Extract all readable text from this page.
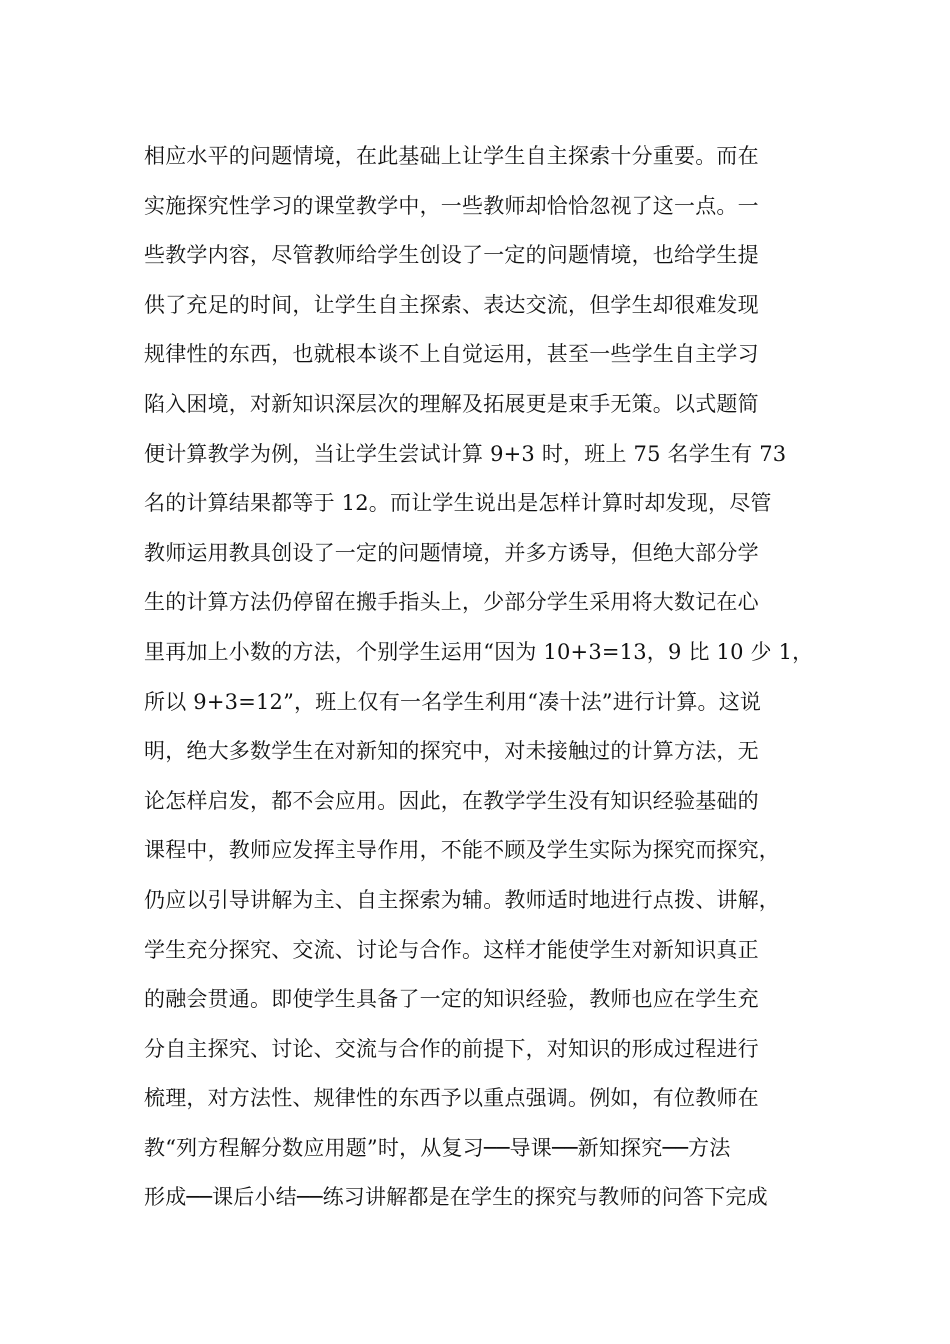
相应水平的问题情境，在此基础上让学生自主探索十分重要。而在
实施探究性学习的课堂教学中，一些教师却恰恰忽视了这一点。一
些教学内容，尽管教师给学生创设了一定的问题情境，也给学生提
供了充足的时间，让学生自主探索、表达交流，但学生却很难发现
规律性的东西，也就根本谈不上自觉运用，甚至一些学生自主学习
陷入困境，对新知识深层次的理解及拓展更是束手无策。以式题简
便计算教学为例，当让学生尝试计算 9+3 时，班上 75 名学生有 73
名的计算结果都等于 12。而让学生说出是怎样计算时却发现，尽管
教师运用教具创设了一定的问题情境，并多方诱导，但绝大部分学
生的计算方法仍停留在搬手指头上，少部分学生采用将大数记在心
里再加上小数的方法，个别学生运用“因为 10+3=13，9 比 10 少 1，
所以 9+3=12”，班上仅有一名学生利用“凑十法”进行计算。这说
明，绝大多数学生在对新知的探究中，对未接触过的计算方法，无
论怎样启发，都不会应用。因此，在教学学生没有知识经验基础的
课程中，教师应发挥主导作用，不能不顾及学生实际为探究而探究，
仍应以引导讲解为主、自主探索为辅。教师适时地进行点拨、讲解，
学生充分探究、交流、讨论与合作。这样才能使学生对新知识真正
的融会贯通。即使学生具备了一定的知识经验，教师也应在学生充
分自主探究、讨论、交流与合作的前提下，对知识的形成过程进行
梳理，对方法性、规律性的东西予以重点强调。例如，有位教师在
教“列方程解分数应用题”时，从复习──导课──新知探究──方法
形成──课后小结──练习讲解都是在学生的探究与教师的问答下完成
